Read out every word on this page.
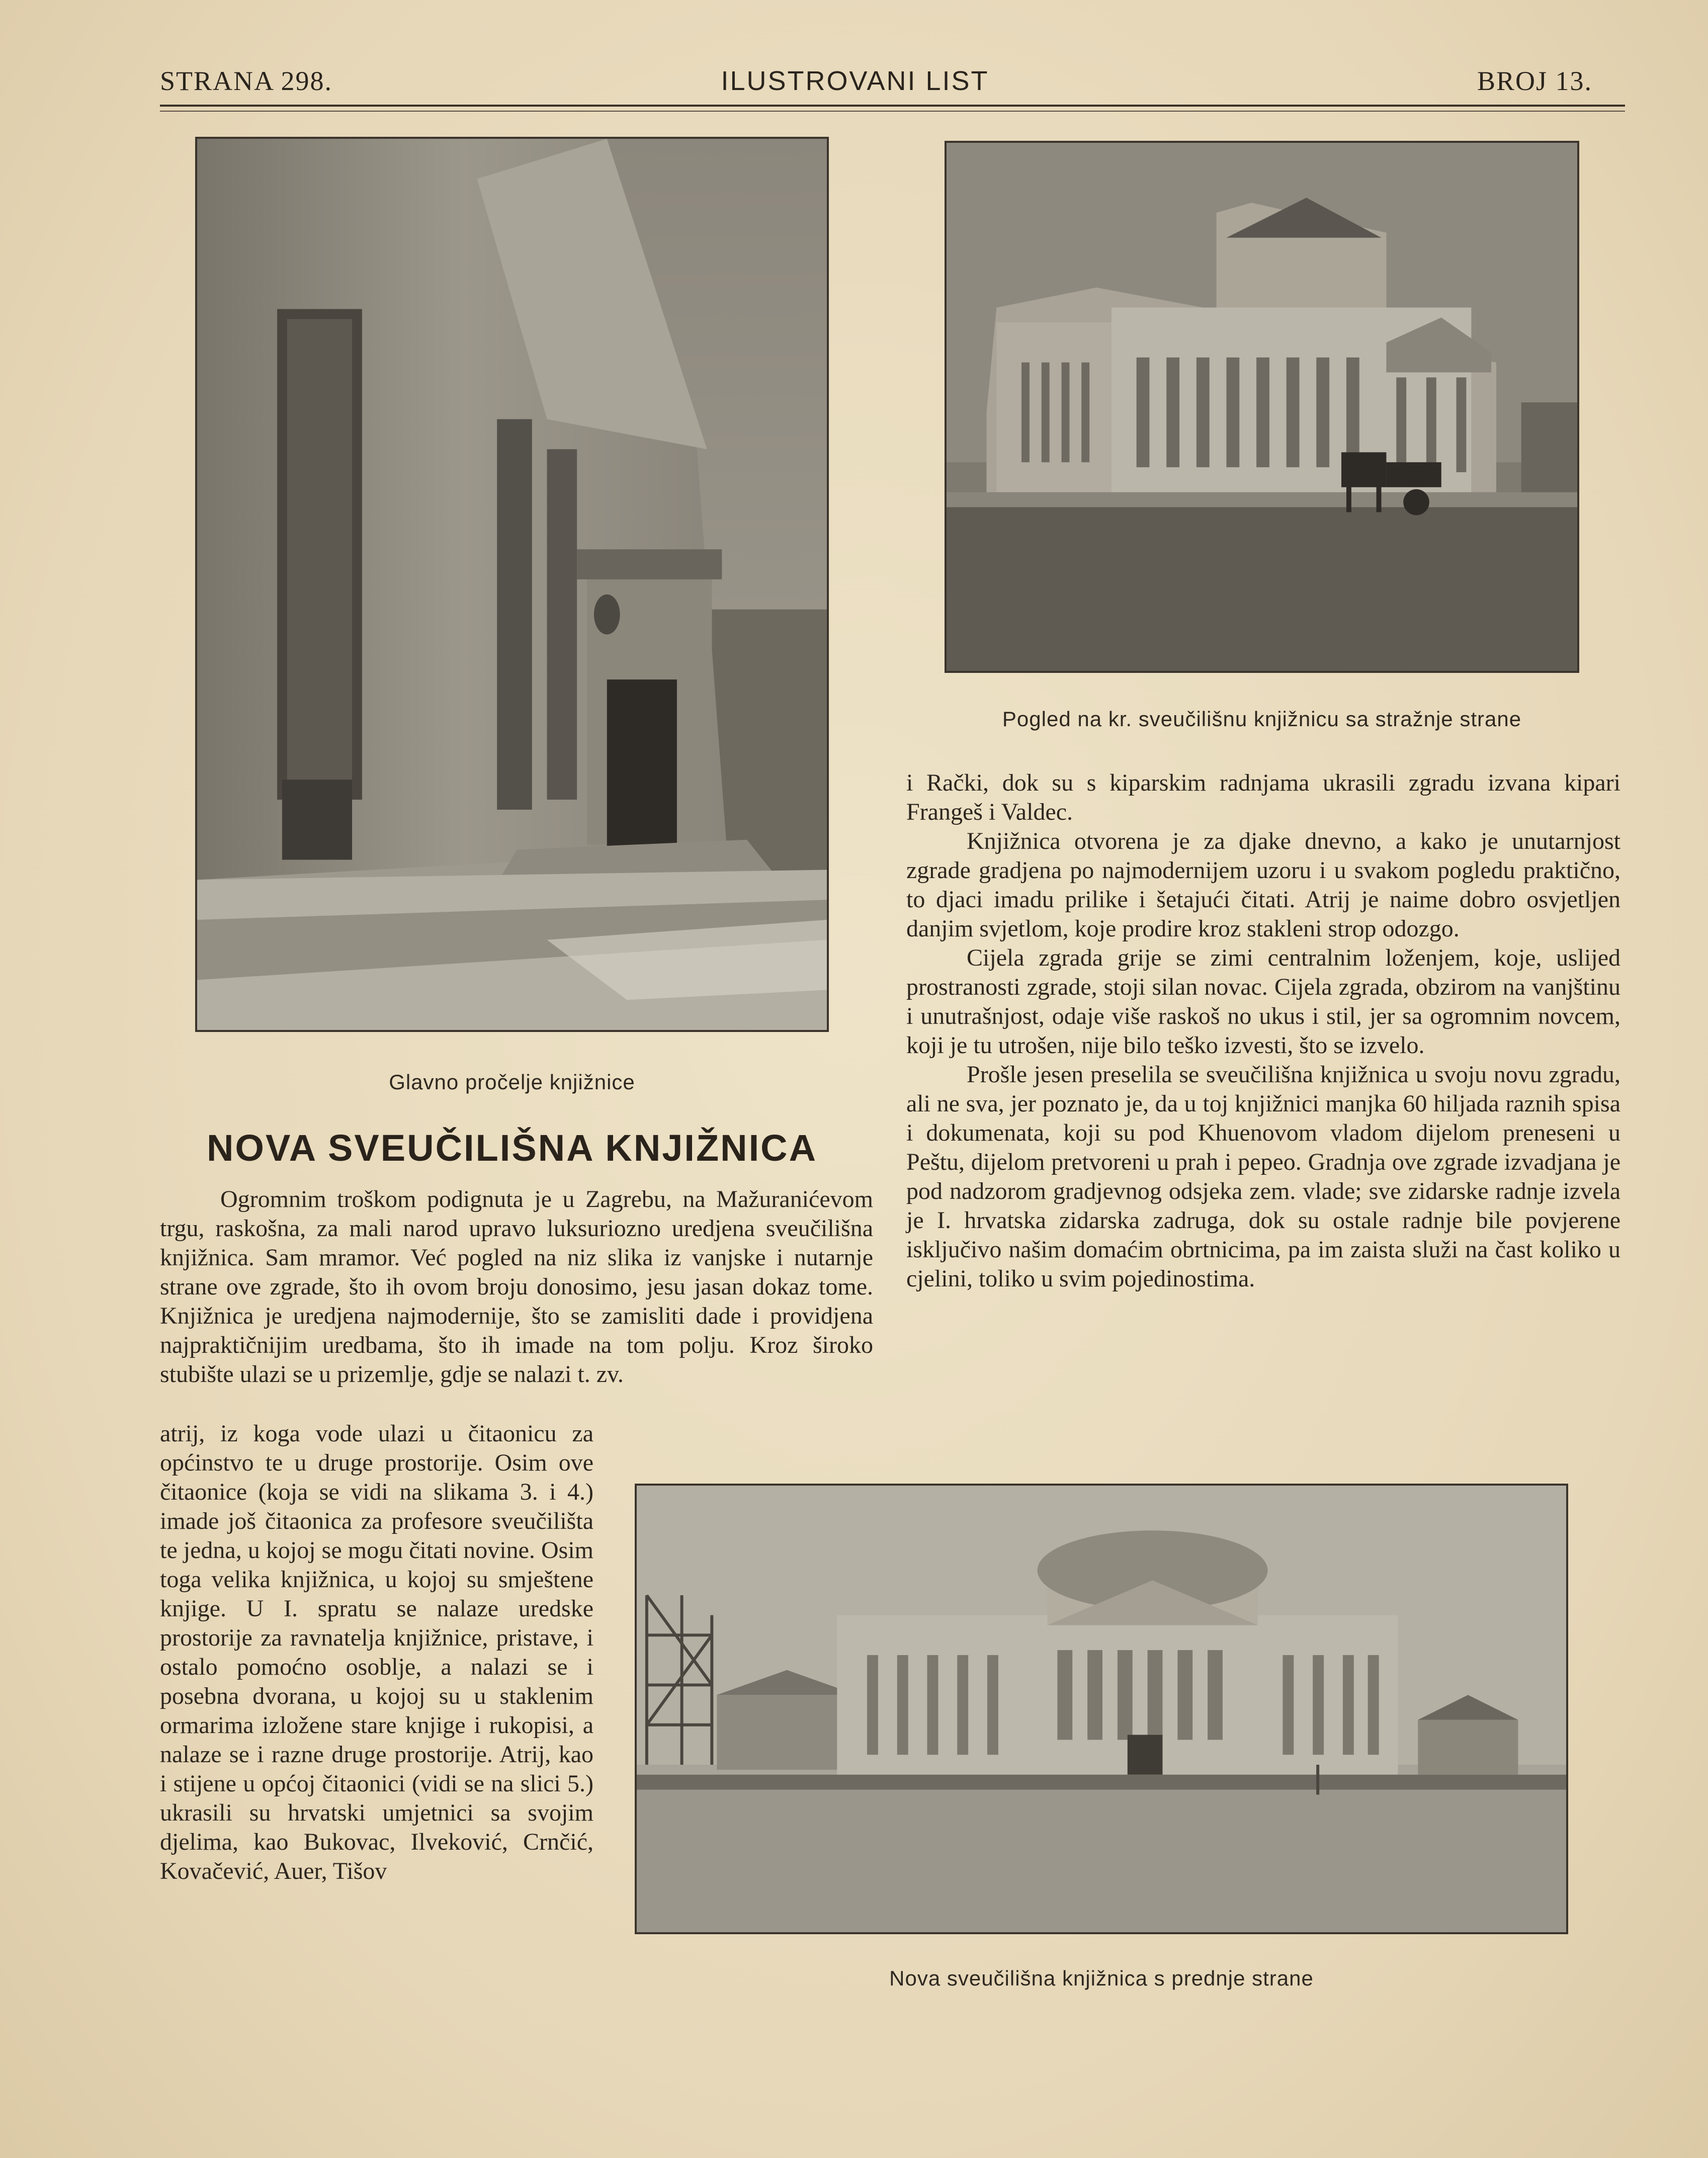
STRANA 298.	ILUSTROVANI LIST	BROJ 13.
Glavno pročelje knjižnice
Pogled na kr. sveučilišnu knjižnicu sa stražnje strane
NOVA SVEUČILIŠNA KNJIŽNICA

Ogromnim troškom podignuta je u Zagrebu, na Mažuranićevom trgu, raskošna, za mali narod upravo luksuriozno uredjena sveučilišna knjižnica. Sam mramor. Već pogled na niz slika iz vanjske i nutarnje strane ove zgrade, što ih ovom broju donosimo, jesu jasan dokaz tome. Knjižnica je uredjena najmodernije, što se zamisliti dade i providjena najpraktičnijim uredbama, što ih imade na tom polju. Kroz široko stubište ulazi se u prizemlje, gdje se nalazi t. zv.

atrij, iz koga vode ulazi u čitaonicu za općinstvo te u druge prostorije. Osim ove čitaonice (koja se vidi na slikama 3. i 4.) imade još čitaonica za profesore sveučilišta te jedna, u kojoj se mogu čitati novine. Osim toga velika knjižnica, u kojoj su smještene knjige. U I. spratu se nalaze uredske prostorije za ravnatelja knjižnice, pristave, i ostalo pomoćno osoblje, a nalazi se i posebna dvorana, u kojoj su u staklenim ormarima izložene stare knjige i rukopisi, a nalaze se i razne druge prostorije. Atrij, kao i stijene u općoj čitaonici (vidi se na slici 5.) ukrasili su hrvatski umjetnici sa svojim djelima, kao Bukovac, Ilveković, Crnčić, Kovačević, Auer, Tišov

i Rački, dok su s kiparskim radnjama ukrasili zgradu izvana kipari Frangeš i Valdec.

Knjižnica otvorena je za djake dnevno, a kako je unutarnjost zgrade gradjena po najmodernijem uzoru i u svakom pogledu praktično, to djaci imadu prilike i šetajući čitati. Atrij je naime dobro osvjetljen danjim svjetlom, koje prodire kroz stakleni strop odozgo.

Cijela zgrada grije se zimi centralnim loženjem, koje, uslijed prostranosti zgrade, stoji silan novac. Cijela zgrada, obzirom na vanjštinu i unutrašnjost, odaje više raskoš no ukus i stil, jer sa ogromnim novcem, koji je tu utrošen, nije bilo teško izvesti, što se izvelo.

Prošle jesen preselila se sveučilišna knjižnica u svoju novu zgradu, ali ne sva, jer poznato je, da u toj knjižnici manjka 60 hiljada raznih spisa i dokumenata, koji su pod Khuenovom vladom dijelom preneseni u Peštu, dijelom pretvoreni u prah i pepeo. Gradnja ove zgrade izvadjana je pod nadzorom gradjevnog odsjeka zem. vlade; sve zidarske radnje izvela je I. hrvatska zidarska zadruga, dok su ostale radnje bile povjerene isključivo našim domaćim obrtnicima, pa im zaista služi na čast koliko u cjelini, toliko u svim pojedinostima.

Nova sveučilišna knjižnica s prednje strane
